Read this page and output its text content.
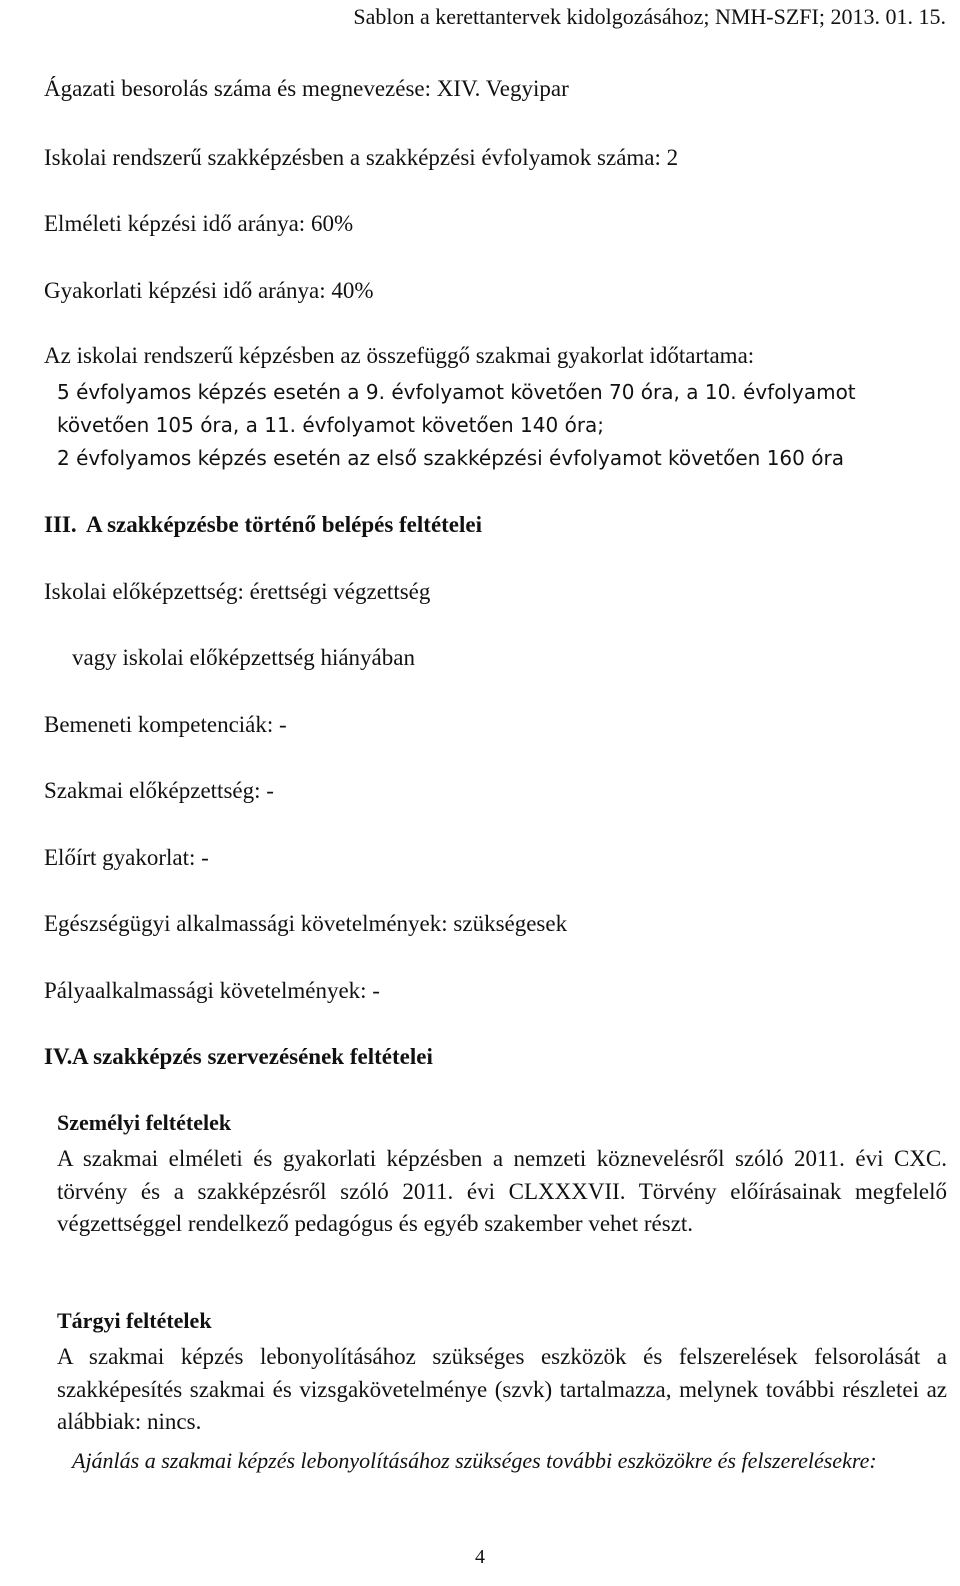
Sablon a kerettantervek kidolgozásához; NMH-SZFI; 2013. 01. 15.
Ágazati besorolás száma és megnevezése: XIV. Vegyipar
Iskolai rendszerű szakképzésben a szakképzési évfolyamok száma: 2
Elméleti képzési idő aránya: 60%
Gyakorlati képzési idő aránya: 40%
Az iskolai rendszerű képzésben az összefüggő szakmai gyakorlat időtartama:
5 évfolyamos képzés esetén a 9. évfolyamot követően 70 óra, a 10. évfolyamot
követően 105 óra, a 11. évfolyamot követően 140 óra;
2 évfolyamos képzés esetén az első szakképzési évfolyamot követően 160 óra
III. A szakképzésbe történő belépés feltételei
Iskolai előképzettség: érettségi végzettség
vagy iskolai előképzettség hiányában
Bemeneti kompetenciák: -
Szakmai előképzettség: -
Előírt gyakorlat: -
Egészségügyi alkalmassági követelmények: szükségesek
Pályaalkalmassági követelmények: -
IV. A szakképzés szervezésének feltételei
Személyi feltételek
A szakmai elméleti és gyakorlati képzésben a nemzeti köznevelésről szóló 2011. évi CXC. törvény és a szakképzésről szóló 2011. évi CLXXXVII. Törvény előírásainak megfelelő végzettséggel rendelkező pedagógus és egyéb szakember vehet részt.
Tárgyi feltételek
A szakmai képzés lebonyolításához szükséges eszközök és felszerelések felsorolását a szakképesítés szakmai és vizsgakövetelménye (szvk) tartalmazza, melynek további részletei az alábbiak: nincs.
Ajánlás a szakmai képzés lebonyolításához szükséges további eszközökre és felszerelésekre:
4
